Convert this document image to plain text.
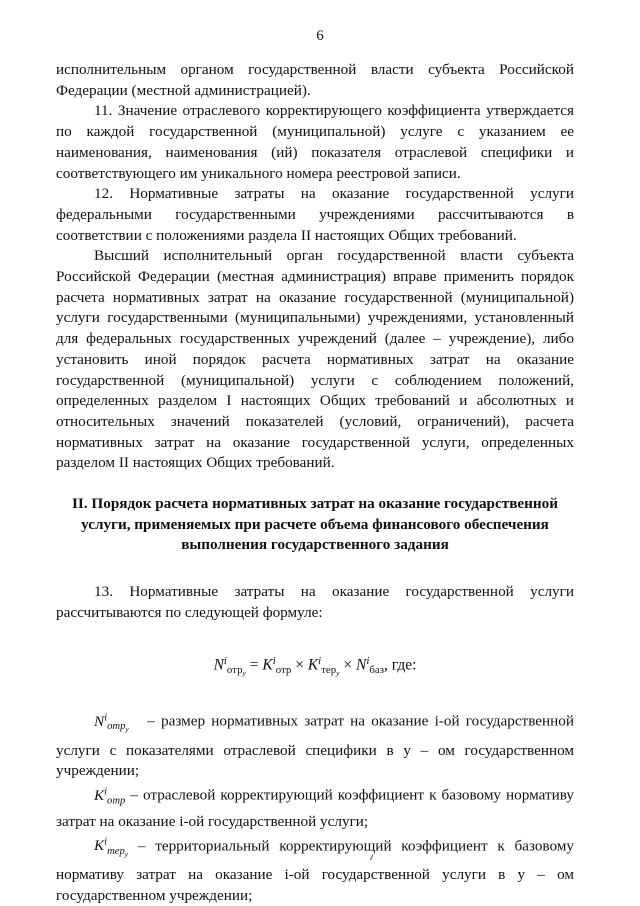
6

исполнительным органом государственной власти субъекта Российской Федерации (местной администрацией).

11. Значение отраслевого корректирующего коэффициента утверждается по каждой государственной (муниципальной) услуге с указанием ее наименования, наименования (ий) показателя отраслевой специфики и соответствующего им уникального номера реестровой записи.

12. Нормативные затраты на оказание государственной услуги федеральными государственными учреждениями рассчитываются в соответствии с положениями раздела II настоящих Общих требований.

Высший исполнительный орган государственной власти субъекта Российской Федерации (местная администрация) вправе применить порядок расчета нормативных затрат на оказание государственной (муниципальной) услуги государственными (муниципальными) учреждениями, установленный для федеральных государственных учреждений (далее – учреждение), либо установить иной порядок расчета нормативных затрат на оказание государственной (муниципальной) услуги с соблюдением положений, определенных разделом I настоящих Общих требований и абсолютных и относительных значений показателей (условий, ограничений), расчета нормативных затрат на оказание государственной услуги, определенных разделом II настоящих Общих требований.

II. Порядок расчета нормативных затрат на оказание государственной услуги, применяемых при расчете объема финансового обеспечения выполнения государственного задания

13. Нормативные затраты на оказание государственной услуги рассчитываются по следующей формуле:

$N^i_{отр_y} = K^i_{отр} \times K^i_{тер_y} \times N^i_{баз}$, где:

$N^i_{отр_y}$ – размер нормативных затрат на оказание i-ой государственной услуги с показателями отраслевой специфики в y – ом государственном учреждении;

$К^i_{отр}$ – отраслевой корректирующий коэффициент к базовому нормативу затрат на оказание i-ой государственной услуги;

$K^i_{тер_y}$ – территориальный корректирующий коэффициент к базовому нормативу затрат на оказание i-ой государственной услуги в y – ом государственном учреждении;
